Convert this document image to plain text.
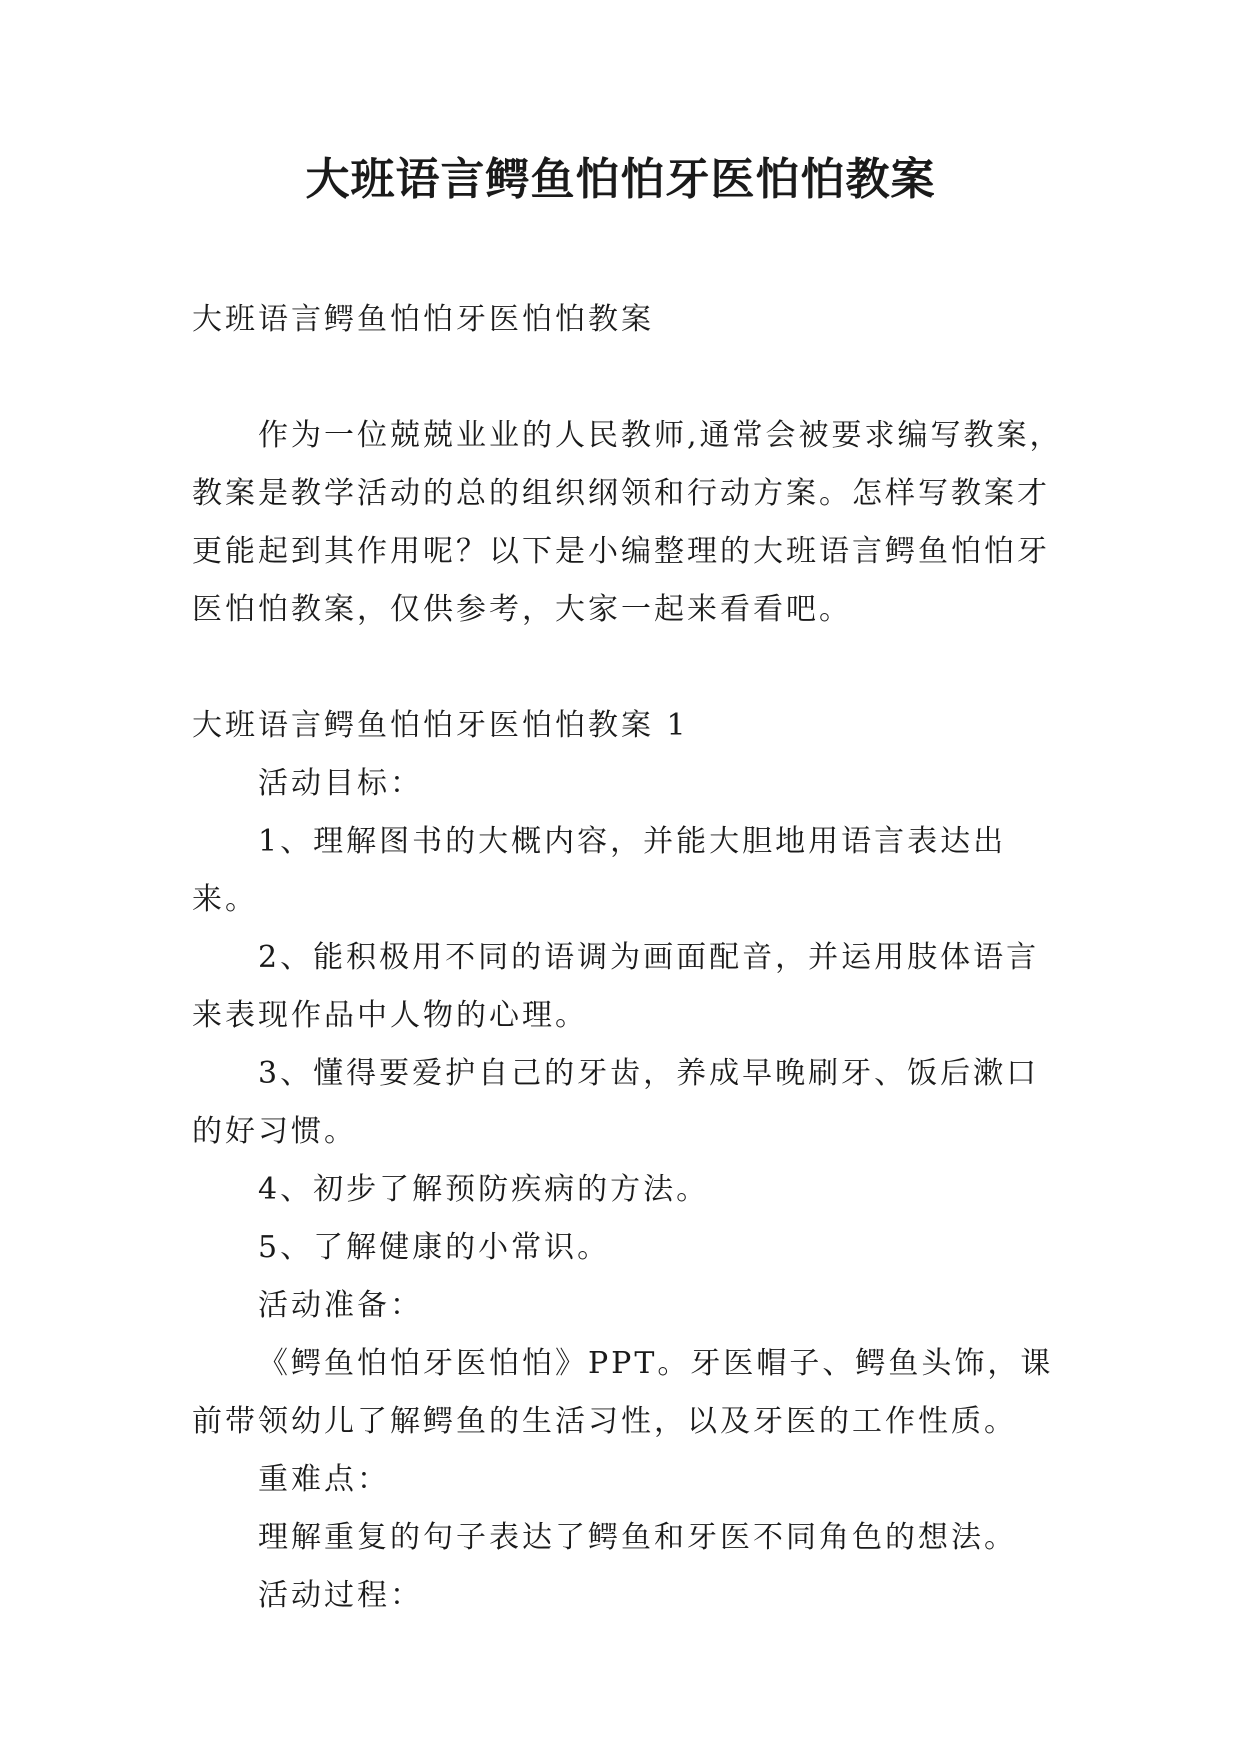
大班语言鳄鱼怕怕牙医怕怕教案

大班语言鳄鱼怕怕牙医怕怕教案

作为一位兢兢业业的人民教师,通常会被要求编写教案，教案是教学活动的总的组织纲领和行动方案。怎样写教案才更能起到其作用呢？以下是小编整理的大班语言鳄鱼怕怕牙医怕怕教案，仅供参考，大家一起来看看吧。

大班语言鳄鱼怕怕牙医怕怕教案 1

活动目标：

1、理解图书的大概内容，并能大胆地用语言表达出来。

2、能积极用不同的语调为画面配音，并运用肢体语言来表现作品中人物的心理。

3、懂得要爱护自己的牙齿，养成早晚刷牙、饭后漱口的好习惯。

4、初步了解预防疾病的方法。

5、了解健康的小常识。

活动准备：

《鳄鱼怕怕牙医怕怕》PPT。牙医帽子、鳄鱼头饰，课前带领幼儿了解鳄鱼的生活习性，以及牙医的工作性质。

重难点：

理解重复的句子表达了鳄鱼和牙医不同角色的想法。

活动过程：
